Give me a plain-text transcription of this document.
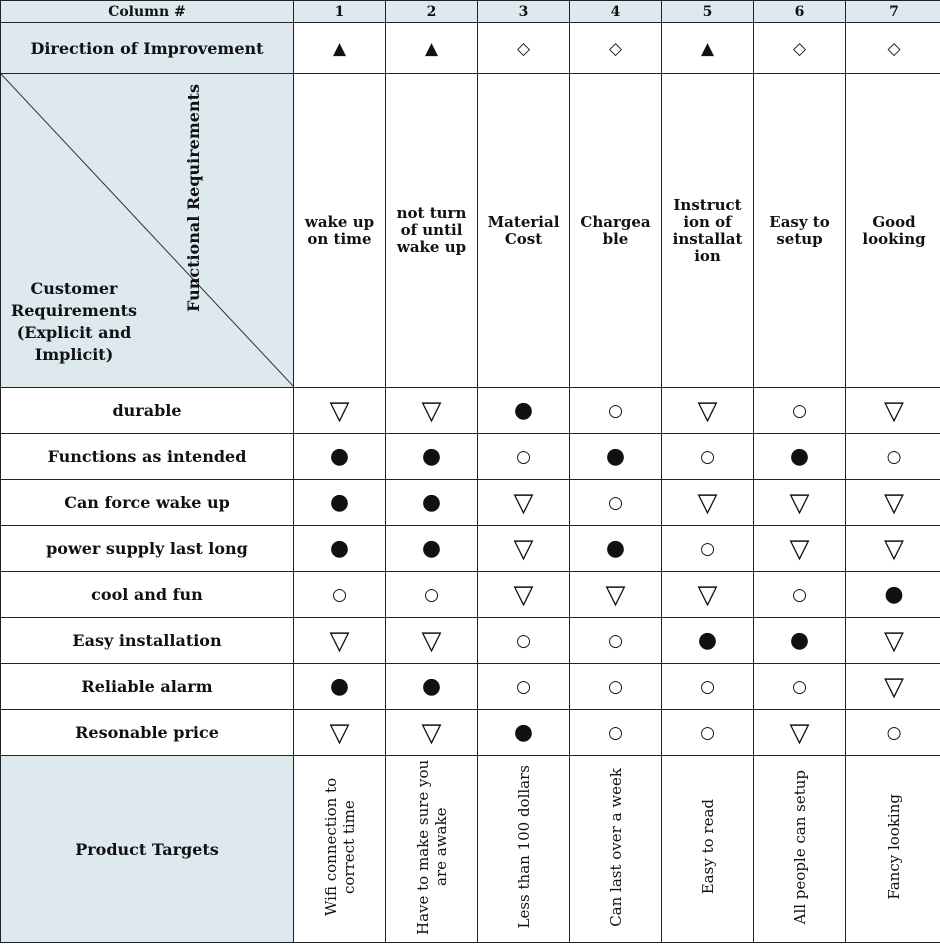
Column #	1	2	3	4	5	6	7
Direction of Improvement	▲	▲	◇	◇	▲	◇	◇

Functional Requirements
Customer Requirements (Explicit and Implicit)	wake up on time	not turn of until wake up	Material Cost	Chargea ble	Instruct ion of installat ion	Easy to setup	Good looking
durable	▽	▽	●	○	▽	○	▽
Functions as intended	●	●	○	●	○	●	○
Can force wake up	●	●	▽	○	▽	▽	▽
power supply last long	●	●	▽	●	○	▽	▽
cool and fun	○	○	▽	▽	▽	○	●
Easy installation	▽	▽	○	○	●	●	▽
Reliable alarm	●	●	○	○	○	○	▽
Resonable price	▽	▽	●	○	○	▽	○
Product Targets	Wifi connection to correct time	Have to make sure you are awake	Less than 100 dollars	Can last over a week	Easy to read	All people can setup	Fancy looking
